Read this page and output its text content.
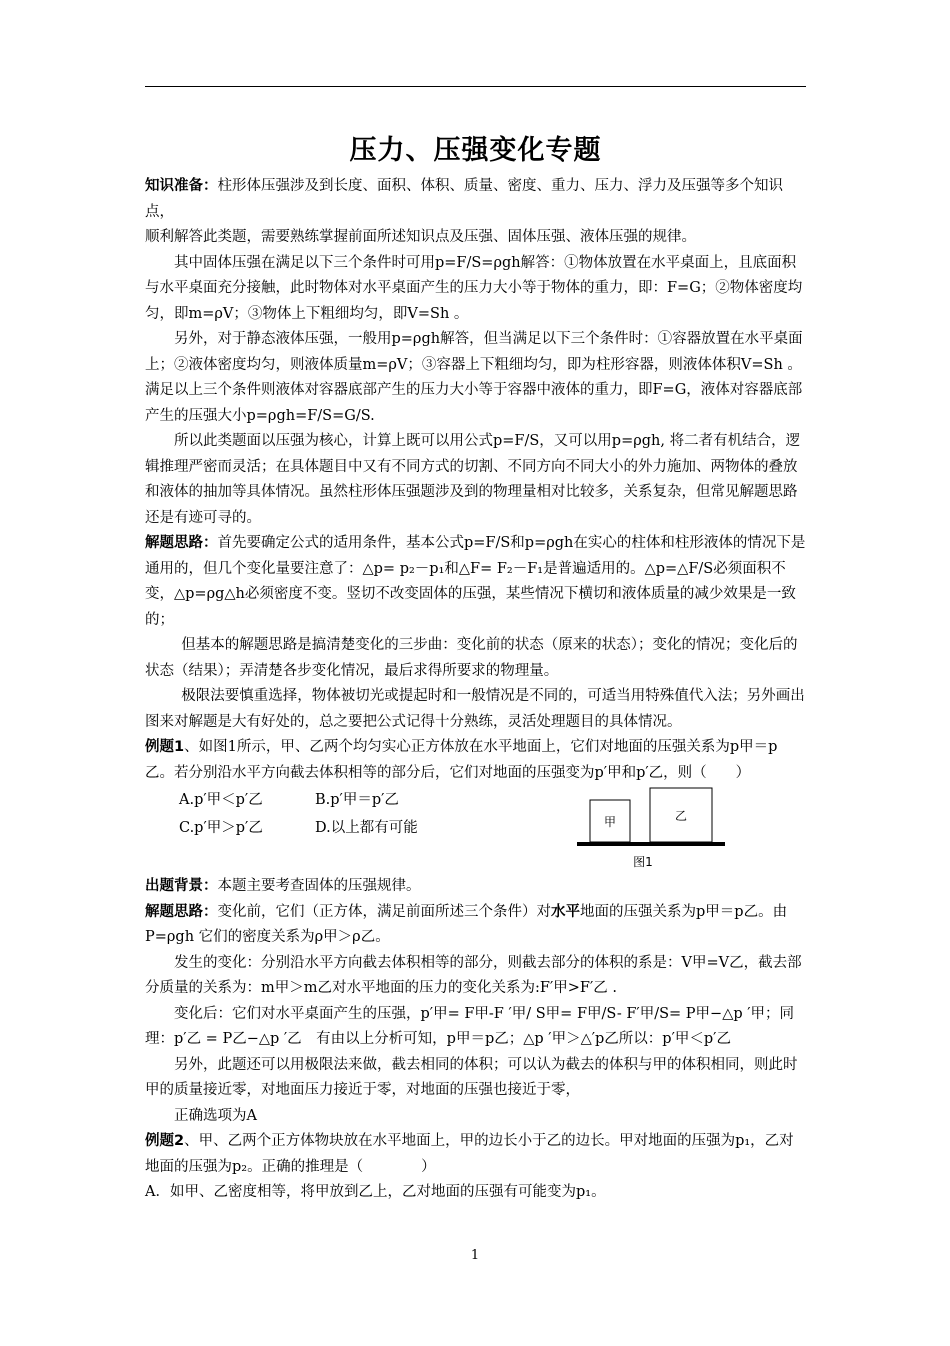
压力、压强变化专题

知识准备：柱形体压强涉及到长度、面积、体积、质量、密度、重力、压力、浮力及压强等多个知识点，

顺利解答此类题，需要熟练掌握前面所述知识点及压强、固体压强、液体压强的规律。

其中固体压强在满足以下三个条件时可用p=F/S=ρgh解答：①物体放置在水平桌面上，且底面积与水平桌面充分接触，此时物体对水平桌面产生的压力大小等于物体的重力，即：F=G；②物体密度均匀，即m=ρV；③物体上下粗细均匀，即V=Sh 。

另外，对于静态液体压强，一般用p=ρgh解答，但当满足以下三个条件时：①容器放置在水平桌面上；②液体密度均匀，则液体质量m=ρV；③容器上下粗细均匀，即为柱形容器，则液体体积V=Sh 。满足以上三个条件则液体对容器底部产生的压力大小等于容器中液体的重力，即F=G，液体对容器底部产生的压强大小p=ρgh=F/S=G/S.

所以此类题面以压强为核心，计算上既可以用公式p=F/S，又可以用p=ρgh, 将二者有机结合，逻辑推理严密而灵活；在具体题目中又有不同方式的切割、不同方向不同大小的外力施加、两物体的叠放和液体的抽加等具体情况。虽然柱形体压强题涉及到的物理量相对比较多，关系复杂，但常见解题思路还是有迹可寻的。

解题思路：首先要确定公式的适用条件，基本公式p=F/S和p=ρgh在实心的柱体和柱形液体的情况下是通用的，但几个变化量要注意了：△p= p₂－p₁和△F= F₂－F₁是普遍适用的。△p=△F/S必须面积不变，△p=ρg△h必须密度不变。竖切不改变固体的压强，某些情况下横切和液体质量的减少效果是一致的；

但基本的解题思路是搞清楚变化的三步曲：变化前的状态（原来的状态）；变化的情况；变化后的状态（结果）；弄清楚各步变化情况，最后求得所要求的物理量。

极限法要慎重选择，物体被切光或提起时和一般情况是不同的，可适当用特殊值代入法；另外画出图来对解题是大有好处的，总之要把公式记得十分熟练，灵活处理题目的具体情况。

例题1、如图1所示，甲、乙两个均匀实心正方体放在水平地面上，它们对地面的压强关系为p甲＝p乙。若分别沿水平方向截去体积相等的部分后，它们对地面的压强变为p′甲和p′乙，则（　　）

A.p′甲＜p′乙	B.p′甲＝p′乙
C.p′甲＞p′乙	D.以上都有可能	甲	乙
图1

出题背景：本题主要考查固体的压强规律。

解题思路：变化前，它们（正方体，满足前面所述三个条件）对水平地面的压强关系为p甲＝p乙。由P=ρgh 它们的密度关系为ρ甲＞ρ乙。

发生的变化：分别沿水平方向截去体积相等的部分，则截去部分的体积的系是：V甲=V乙，截去部分质量的关系为：m甲＞m乙对水平地面的压力的变化关系为:F′甲>F′乙 .

变化后：它们对水平桌面产生的压强，p′甲= F甲-F ′甲/ S甲= F甲/S- F′甲/S= P甲−△p ′甲；同理：p′乙 = P乙−△p ′乙　有由以上分析可知，p甲＝p乙；△p ′甲＞△′p乙所以：p′甲＜p′乙

另外，此题还可以用极限法来做，截去相同的体积；可以认为截去的体积与甲的体积相同，则此时甲的质量接近零，对地面压力接近于零，对地面的压强也接近于零，

正确选项为A

例题2、甲、乙两个正方体物块放在水平地面上，甲的边长小于乙的边长。甲对地面的压强为p₁，乙对地面的压强为p₂。正确的推理是（　　　　）

A．如甲、乙密度相等，将甲放到乙上，乙对地面的压强有可能变为p₁。

1
